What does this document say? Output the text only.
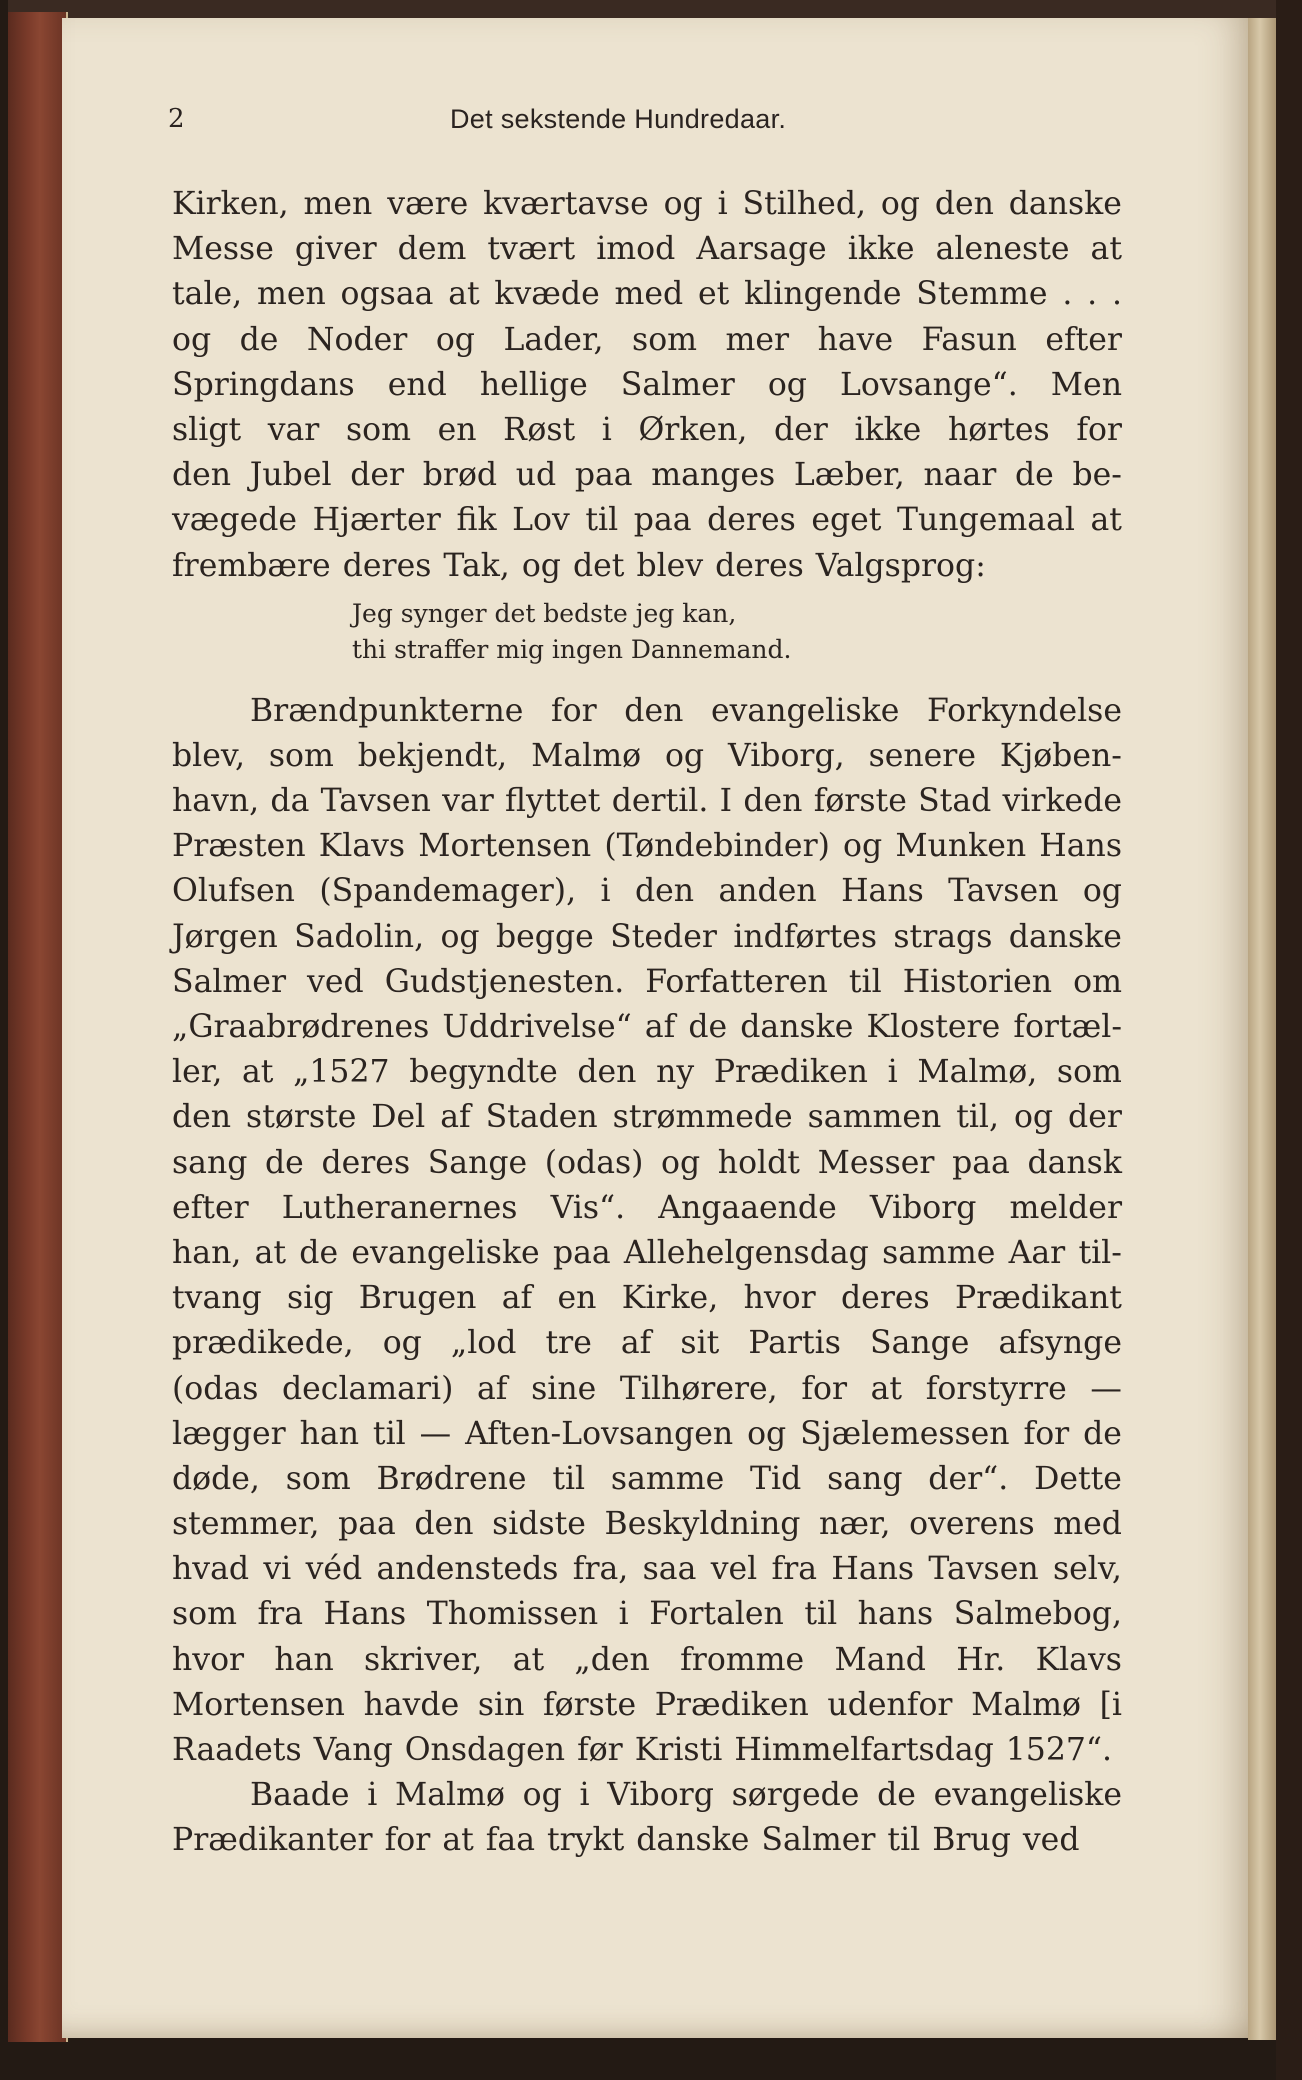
2	Det sekstende Hundredaar.
Kirken, men være kværtavse og i Stilhed, og den danske
Messe giver dem tvært imod Aarsage ikke aleneste at
tale, men ogsaa at kvæde med et klingende Stemme . . .
og de Noder og Lader, som mer have Fasun efter
Springdans end hellige Salmer og Lovsange“. Men
sligt var som en Røst i Ørken, der ikke hørtes for
den Jubel der brød ud paa manges Læber, naar de be-
vægede Hjærter fik Lov til paa deres eget Tungemaal at
frembære deres Tak, og det blev deres Valgsprog:
Brændpunkterne for den evangeliske Forkyndelse
blev, som bekjendt, Malmø og Viborg, senere Kjøben-
havn, da Tavsen var flyttet dertil. I den første Stad virkede
Præsten Klavs Mortensen (Tøndebinder) og Munken Hans
Olufsen (Spandemager), i den anden Hans Tavsen og
Jørgen Sadolin, og begge Steder indførtes strags danske
Salmer ved Gudstjenesten. Forfatteren til Historien om
„Graabrødrenes Uddrivelse“ af de danske Klostere fortæl-
ler, at „1527 begyndte den ny Prædiken i Malmø, som
den største Del af Staden strømmede sammen til, og der
sang de deres Sange (odas) og holdt Messer paa dansk
efter Lutheranernes Vis“. Angaaende Viborg melder
han, at de evangeliske paa Allehelgensdag samme Aar til-
tvang sig Brugen af en Kirke, hvor deres Prædikant
prædikede, og „lod tre af sit Partis Sange afsynge
(odas declamari) af sine Tilhørere, for at forstyrre —
lægger han til — Aften-Lovsangen og Sjælemessen for de
døde, som Brødrene til samme Tid sang der“. Dette
stemmer, paa den sidste Beskyldning nær, overens med
hvad vi véd andensteds fra, saa vel fra Hans Tavsen selv,
som fra Hans Thomissen i Fortalen til hans Salmebog,
hvor han skriver, at „den fromme Mand Hr. Klavs
Mortensen havde sin første Prædiken udenfor Malmø [i
Raadets Vang Onsdagen før Kristi Himmelfartsdag 1527“.
Baade i Malmø og i Viborg sørgede de evangeliske
Prædikanter for at faa trykt danske Salmer til Brug ved
Jeg synger det bedste jeg kan,
thi straffer mig ingen Dannemand.
